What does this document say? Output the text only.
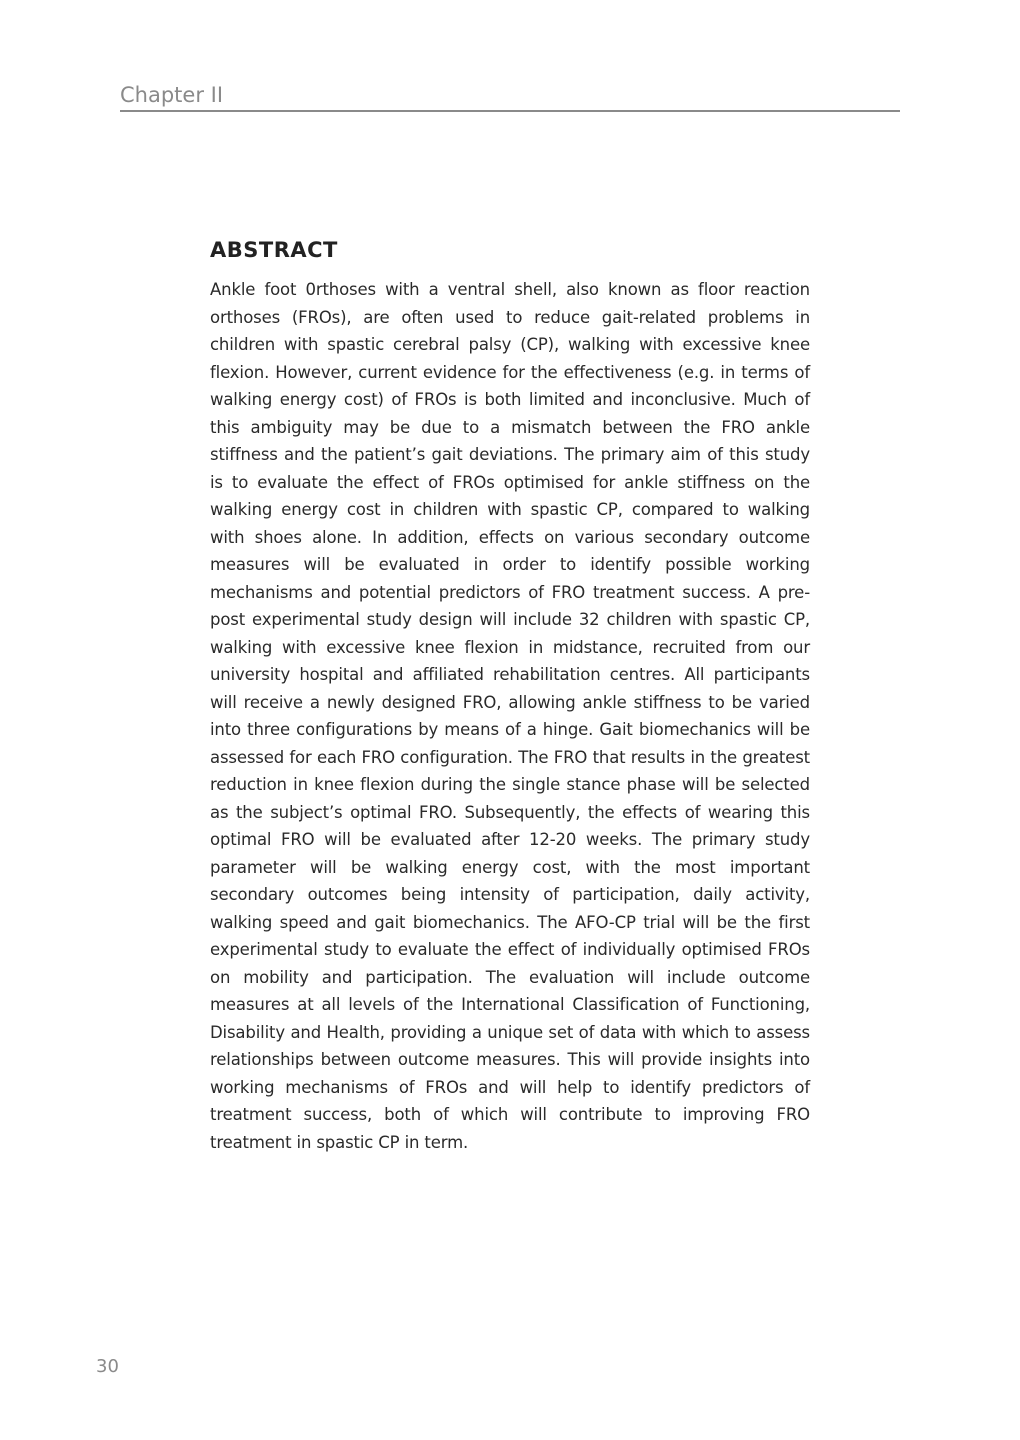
Chapter II
ABSTRACT

Ankle foot 0rthoses with a ventral shell, also known as floor reaction orthoses (FROs), are often used to reduce gait-related problems in children with spastic cerebral palsy (CP), walking with excessive knee flexion. However, current evidence for the effectiveness (e.g. in terms of walking energy cost) of FROs is both limited and inconclusive. Much of this ambiguity may be due to a mismatch between the FRO ankle stiffness and the patient’s gait deviations. The primary aim of this study is to evaluate the effect of FROs optimised for ankle stiffness on the walking energy cost in children with spastic CP, compared to walking with shoes alone. In addition, effects on various secondary outcome measures will be evaluated in order to identify possible working mechanisms and potential predictors of FRO treatment success. A pre-post experimental study design will include 32 children with spastic CP, walking with excessive knee flexion in midstance, recruited from our university hospital and affiliated rehabilitation centres. All participants will receive a newly designed FRO, allowing ankle stiffness to be varied into three configurations by means of a hinge. Gait biomechanics will be assessed for each FRO configuration. The FRO that results in the greatest reduction in knee flexion during the single stance phase will be selected as the subject’s optimal FRO. Subsequently, the effects of wearing this optimal FRO will be evaluated after 12-20 weeks. The primary study parameter will be walking energy cost, with the most important secondary outcomes being intensity of participation, daily activity, walking speed and gait biomechanics. The AFO-CP trial will be the first experimental study to evaluate the effect of individually optimised FROs on mobility and participation. The evaluation will include outcome measures at all levels of the International Classification of Functioning, Disability and Health, providing a unique set of data with which to assess relationships between outcome measures. This will provide insights into working mechanisms of FROs and will help to identify predictors of treatment success, both of which will contribute to improving FRO treatment in spastic CP in term.

30
